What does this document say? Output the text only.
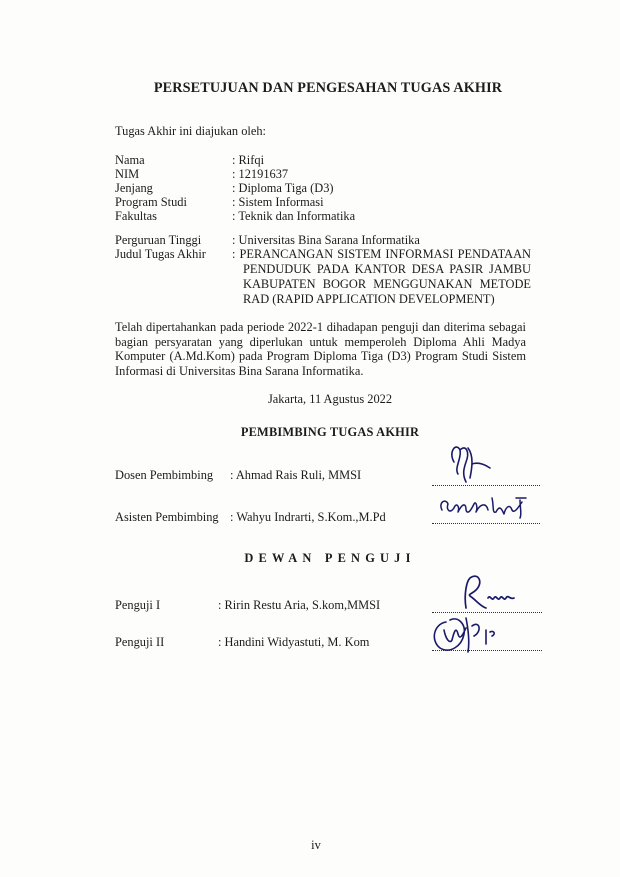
PERSETUJUAN DAN PENGESAHAN TUGAS AKHIR
Tugas Akhir ini diajukan oleh:
Nama	: Rifqi
NIM	: 12191637
Jenjang	: Diploma Tiga (D3)
Program Studi	: Sistem Informasi
Fakultas	: Teknik dan Informatika
Perguruan Tinggi : Universitas Bina Sarana Informatika
Judul Tugas Akhir : PERANCANGAN SISTEM INFORMASI PENDATAAN
PENDUDUK PADA KANTOR DESA PASIR JAMBU
KABUPATEN BOGOR MENGGUNAKAN METODE
RAD (RAPID APPLICATION DEVELOPMENT)
Telah dipertahankan pada periode 2022-1 dihadapan penguji dan diterima sebagai bagian persyaratan yang diperlukan untuk memperoleh Diploma Ahli Madya Komputer (A.Md.Kom) pada Program Diploma Tiga (D3) Program Studi Sistem Informasi di Universitas Bina Sarana Informatika.
Jakarta, 11 Agustus 2022
PEMBIMBING TUGAS AKHIR
Dosen Pembimbing : Ahmad Rais Ruli, MMSI
Asisten Pembimbing : Wahyu Indrarti, S.Kom.,M.Pd
DEWAN PENGUJI
Penguji I	: Ririn Restu Aria, S.kom,MMSI
Penguji II	: Handini Widyastuti, M. Kom
iv
